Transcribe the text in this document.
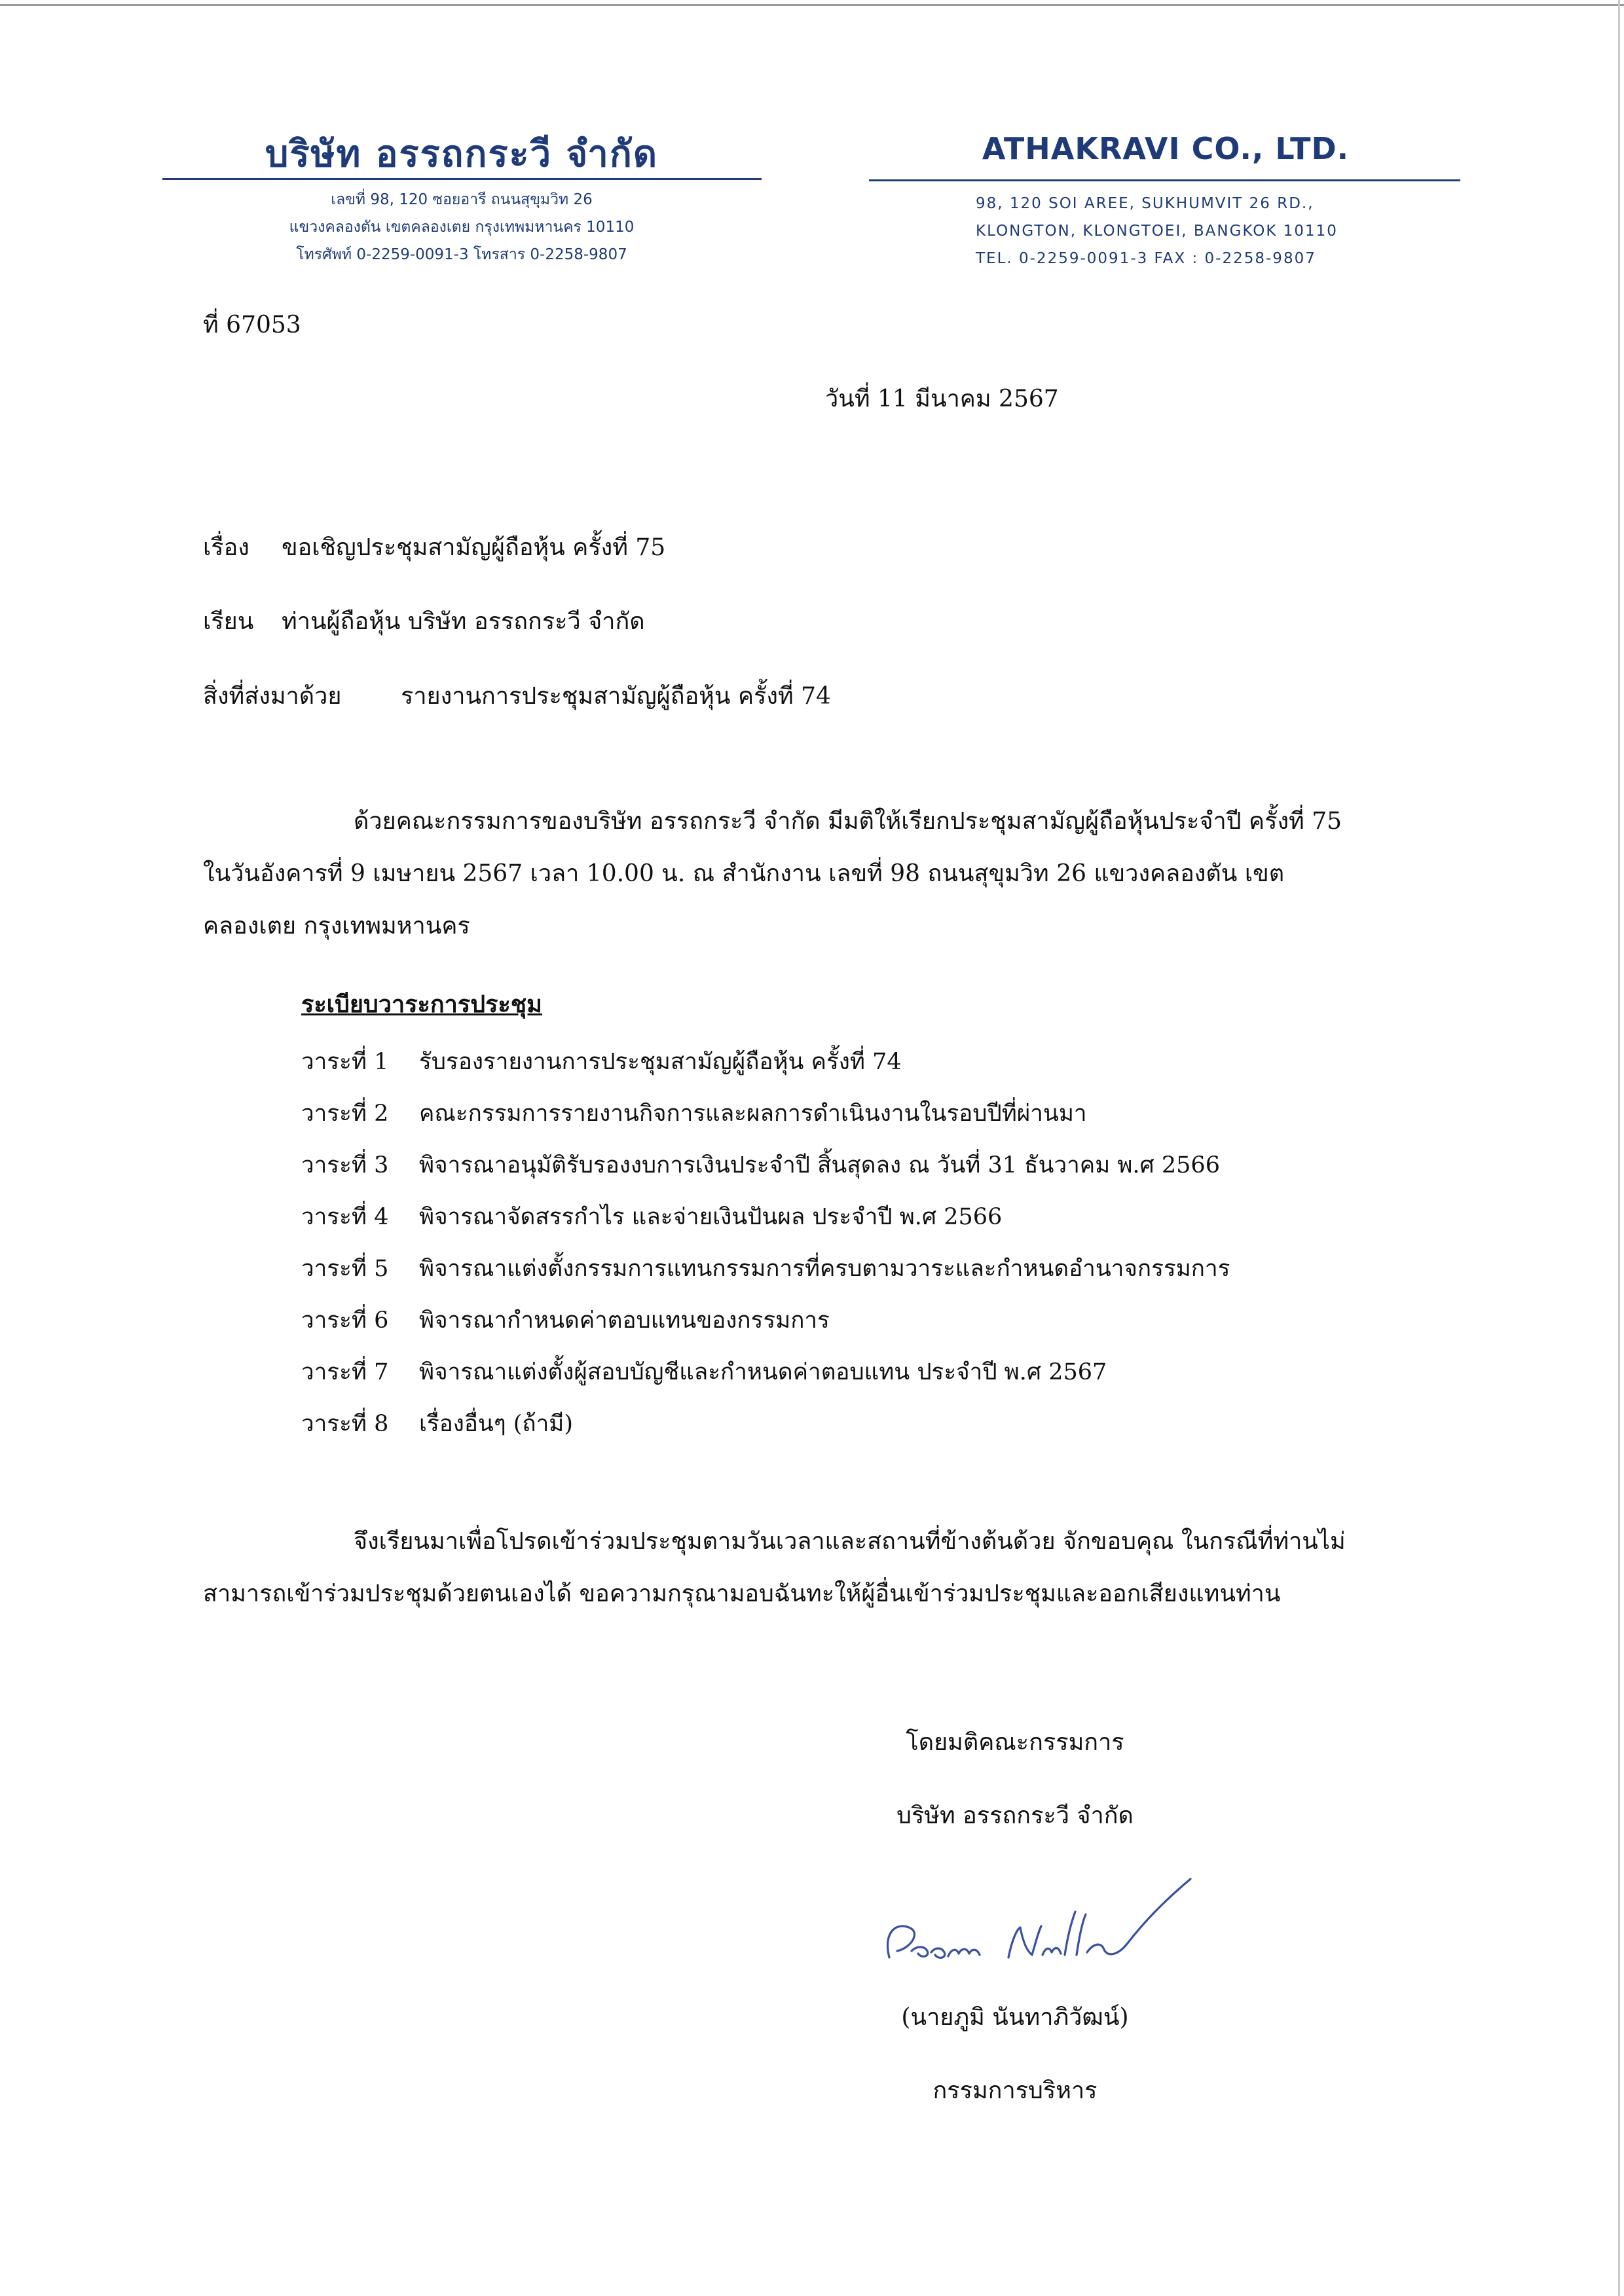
บริษัท อรรถกระวี จำกัด
เลขที่ 98, 120 ซอยอารี ถนนสุขุมวิท 26
แขวงคลองตัน เขตคลองเตย กรุงเทพมหานคร 10110
โทรศัพท์ 0-2259-0091-3 โทรสาร 0-2258-9807
ATHAKRAVI CO., LTD.
98, 120 SOI AREE, SUKHUMVIT 26 RD.,
KLONGTON, KLONGTOEI, BANGKOK 10110
TEL. 0-2259-0091-3 FAX : 0-2258-9807
ที่ 67053
วันที่ 11 มีนาคม 2567
เรื่อง ขอเชิญประชุมสามัญผู้ถือหุ้น ครั้งที่ 75
เรียน ท่านผู้ถือหุ้น บริษัท อรรถกระวี จำกัด
สิ่งที่ส่งมาด้วย	รายงานการประชุมสามัญผู้ถือหุ้น ครั้งที่ 74
ด้วยคณะกรรมการของบริษัท อรรถกระวี จำกัด มีมติให้เรียกประชุมสามัญผู้ถือหุ้นประจำปี ครั้งที่ 75 ในวันอังคารที่ 9 เมษายน 2567 เวลา 10.00 น. ณ สำนักงาน เลขที่ 98 ถนนสุขุมวิท 26 แขวงคลองตัน เขตคลองเตย กรุงเทพมหานคร
ระเบียบวาระการประชุม
วาระที่ 1 รับรองรายงานการประชุมสามัญผู้ถือหุ้น ครั้งที่ 74
วาระที่ 2 คณะกรรมการรายงานกิจการและผลการดำเนินงานในรอบปีที่ผ่านมา
วาระที่ 3 พิจารณาอนุมัติรับรองงบการเงินประจำปี สิ้นสุดลง ณ วันที่ 31 ธันวาคม พ.ศ 2566
วาระที่ 4 พิจารณาจัดสรรกำไร และจ่ายเงินปันผล ประจำปี พ.ศ 2566
วาระที่ 5 พิจารณาแต่งตั้งกรรมการแทนกรรมการที่ครบตามวาระและกำหนดอำนาจกรรมการ
วาระที่ 6 พิจารณากำหนดค่าตอบแทนของกรรมการ
วาระที่ 7 พิจารณาแต่งตั้งผู้สอบบัญชีและกำหนดค่าตอบแทน ประจำปี พ.ศ 2567
วาระที่ 8 เรื่องอื่นๆ (ถ้ามี)
จึงเรียนมาเพื่อโปรดเข้าร่วมประชุมตามวันเวลาและสถานที่ข้างต้นด้วย จักขอบคุณ ในกรณีที่ท่านไม่สามารถเข้าร่วมประชุมด้วยตนเองได้ ขอความกรุณามอบฉันทะให้ผู้อื่นเข้าร่วมประชุมและออกเสียงแทนท่าน
โดยมติคณะกรรมการ
บริษัท อรรถกระวี จำกัด
Poom Nuntha
(นายภูมิ นันทาภิวัฒน์)
กรรมการบริหาร
